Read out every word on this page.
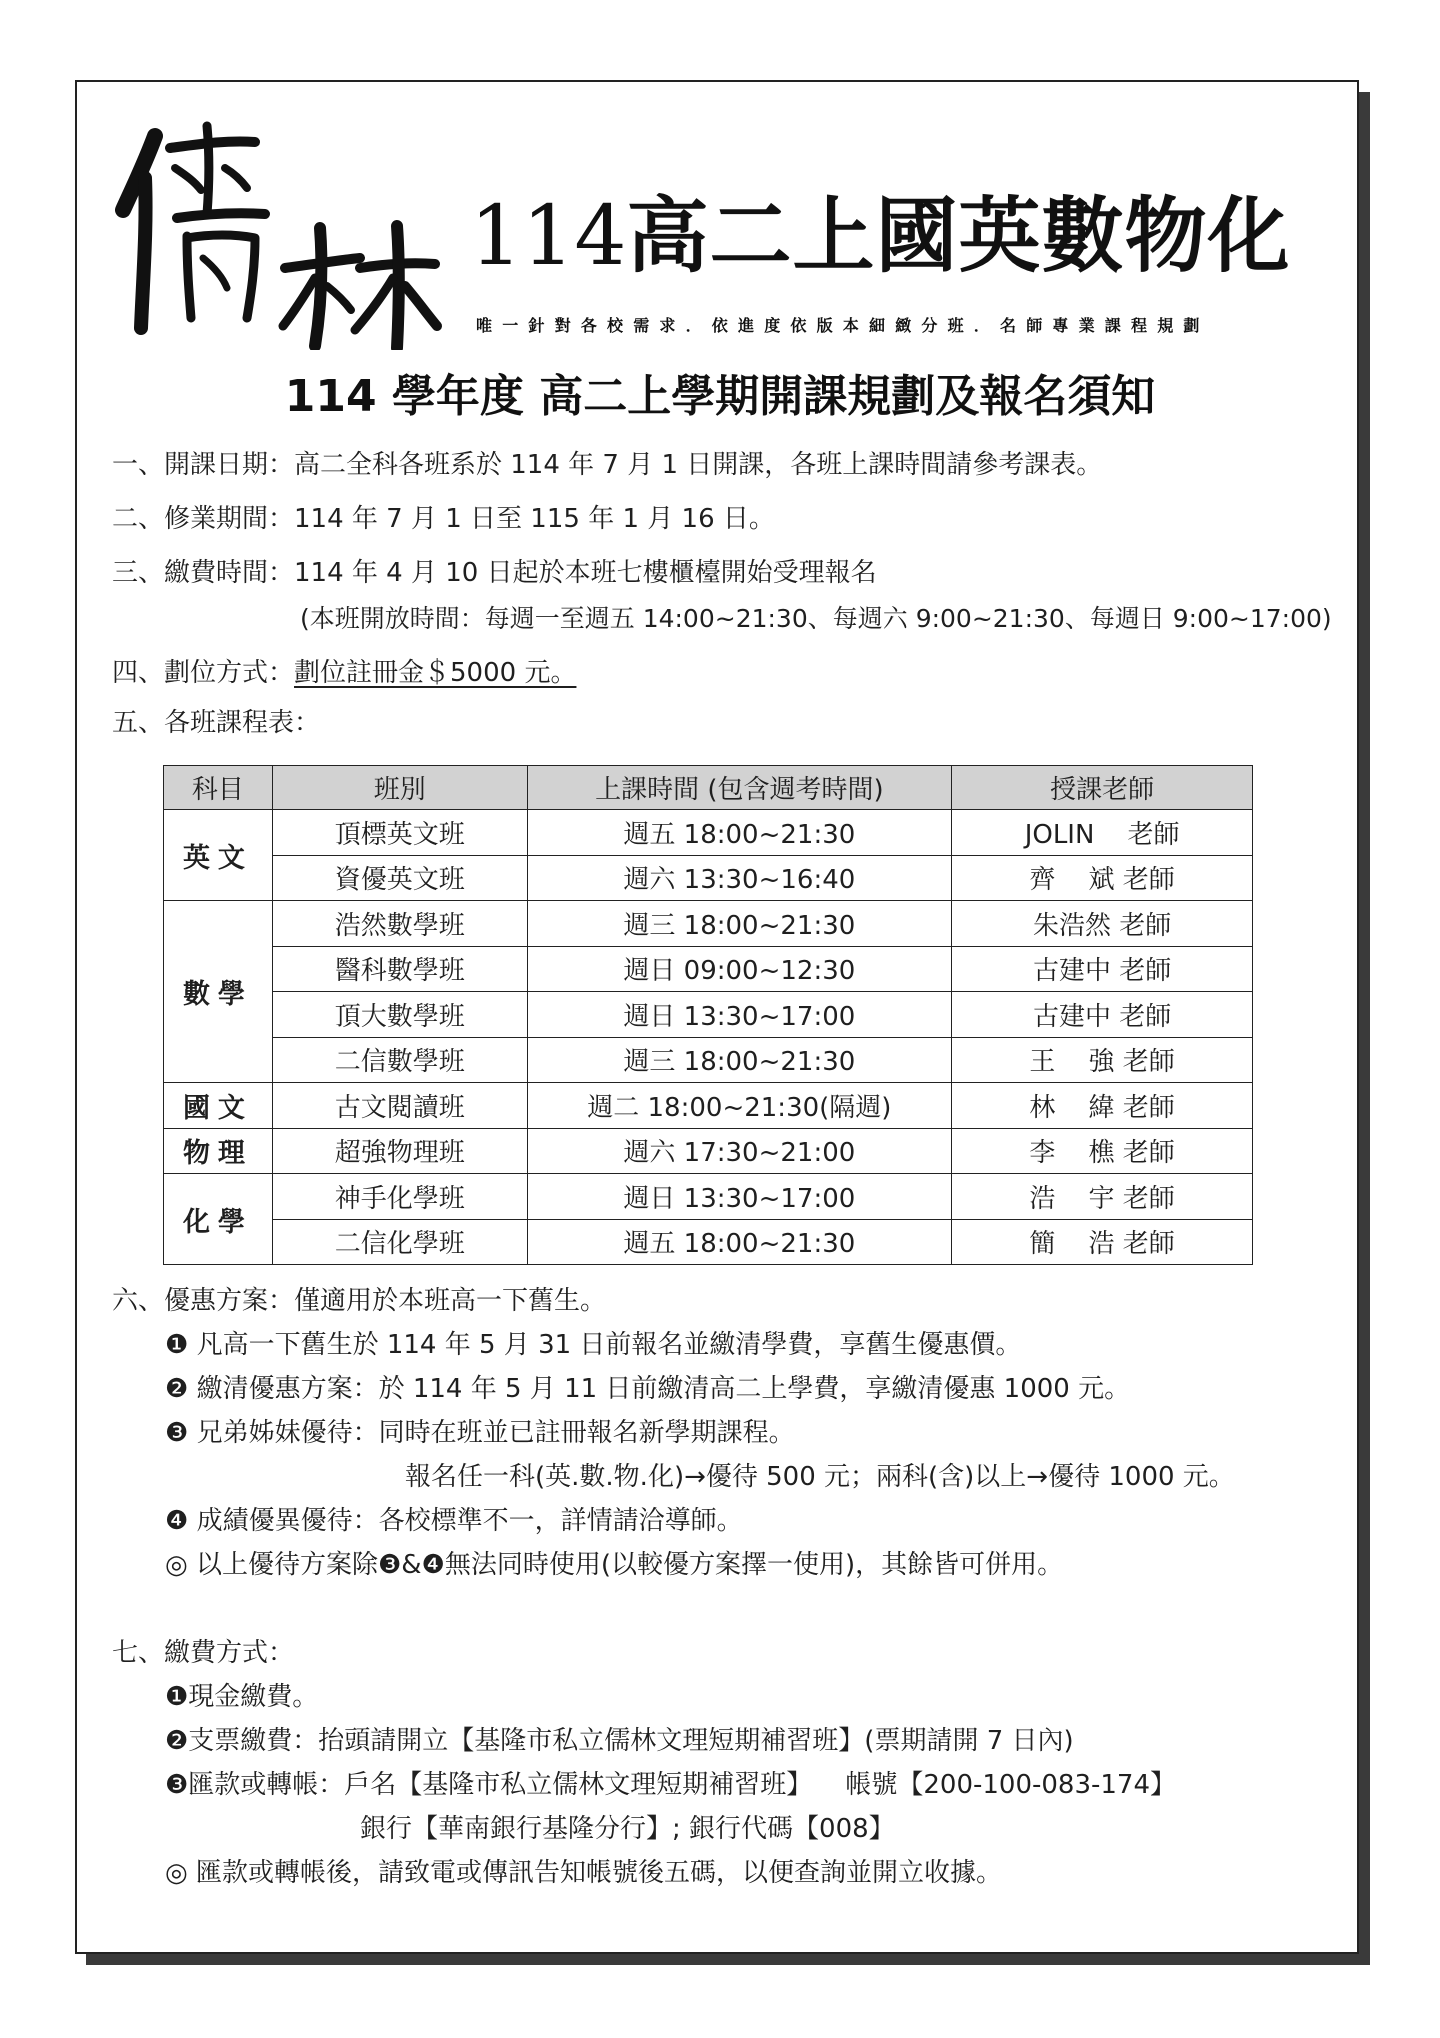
114高二上國英數物化
唯一針對各校需求．依進度依版本細緻分班．名師專業課程規劃
114 學年度 高二上學期開課規劃及報名須知
一、開課日期：高二全科各班系於 114 年 7 月 1 日開課，各班上課時間請參考課表。
二、修業期間：114 年 7 月 1 日至 115 年 1 月 16 日。
三、繳費時間：114 年 4 月 10 日起於本班七樓櫃檯開始受理報名
(本班開放時間：每週一至週五 14:00~21:30、每週六 9:00~21:30、每週日 9:00~17:00)
四、劃位方式：劃位註冊金＄5000 元。
五、各班課程表：
科目	班別	上課時間 (包含週考時間)	授課老師
英文	頂標英文班	週五 18:00~21:30	JOLIN    老師
	資優英文班	週六 13:30~16:40	齊    斌 老師
數學	浩然數學班	週三 18:00~21:30	朱浩然 老師
	醫科數學班	週日 09:00~12:30	古建中 老師
	頂大數學班	週日 13:30~17:00	古建中 老師
	二信數學班	週三 18:00~21:30	王    強 老師
國文	古文閱讀班	週二 18:00~21:30(隔週)	林    緯 老師
物理	超強物理班	週六 17:30~21:00	李    樵 老師
化學	神手化學班	週日 13:30~17:00	浩    宇 老師
	二信化學班	週五 18:00~21:30	簡    浩 老師
六、優惠方案：僅適用於本班高一下舊生。
❶ 凡高一下舊生於 114 年 5 月 31 日前報名並繳清學費，享舊生優惠價。
❷ 繳清優惠方案：於 114 年 5 月 11 日前繳清高二上學費，享繳清優惠 1000 元。
❸ 兄弟姊妹優待：同時在班並已註冊報名新學期課程。
報名任一科(英.數.物.化)→優待 500 元；兩科(含)以上→優待 1000 元。
❹ 成績優異優待：各校標準不一，詳情請洽導師。
◎ 以上優待方案除❸&❹無法同時使用(以較優方案擇一使用)，其餘皆可併用。
七、繳費方式：
❶現金繳費。
❷支票繳費：抬頭請開立【基隆市私立儒林文理短期補習班】(票期請開 7 日內)
❸匯款或轉帳：戶名【基隆市私立儒林文理短期補習班】    帳號【200-100-083-174】
銀行【華南銀行基隆分行】; 銀行代碼【008】
◎ 匯款或轉帳後，請致電或傳訊告知帳號後五碼，以便查詢並開立收據。
